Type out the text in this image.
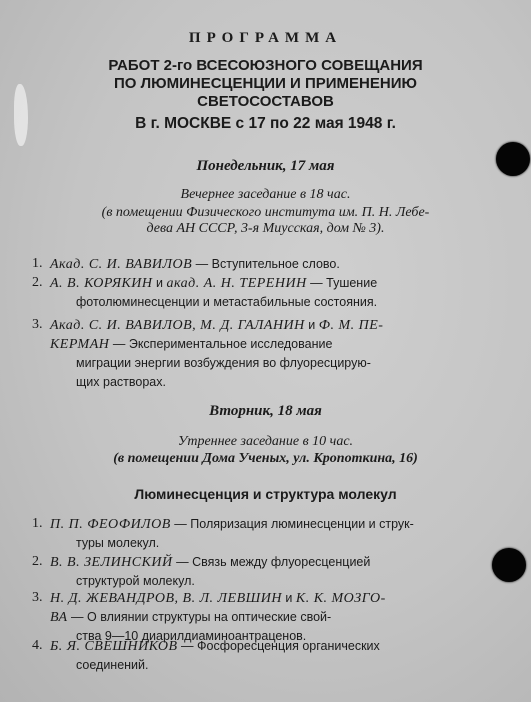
ПРОГРАММА
РАБОТ 2-го ВСЕСОЮЗНОГО СОВЕЩАНИЯ
ПО ЛЮМИНЕСЦЕНЦИИ И ПРИМЕНЕНИЮ
СВЕТОСОСТАВОВ
В г. МОСКВЕ с 17 по 22 мая 1948 г.
Понедельник, 17 мая
Вечернее заседание в 18 час.
(в помещении Физического института им. П. Н. Лебе-
дева АН СССР, 3-я Миусская, дом № 3).
1. Акад. С. И. ВАВИЛОВ — Вступительное слово.
2. А. В. КОРЯКИН и акад. А. Н. ТЕРЕНИН — Тушение
фотолюминесценции и метастабильные состояния.
3. Акад. С. И. ВАВИЛОВ, М. Д. ГАЛАНИН и Ф. М. ПЕ-
КЕРМАН — Экспериментальное исследование
миграции энергии возбуждения во флуоресцирую-
щих растворах.
Вторник, 18 мая
Утреннее заседание в 10 час.
(в помещении Дома Ученых, ул. Кропоткина, 16)
Люминесценция и структура молекул
1. П. П. ФЕОФИЛОВ — Поляризация люминесценции и струк-
туры молекул.
2. В. В. ЗЕЛИНСКИЙ — Связь между флуоресценцией
структурой молекул.
3. Н. Д. ЖЕВАНДРОВ, В. Л. ЛЕВШИН и К. К. МОЗГО-
ВА — О влиянии структуры на оптические свой-
ства 9—10 диарилдиаминоантраценов.
4. Б. Я. СВЕШНИКОВ — Фосфоресценция органических
соединений.
